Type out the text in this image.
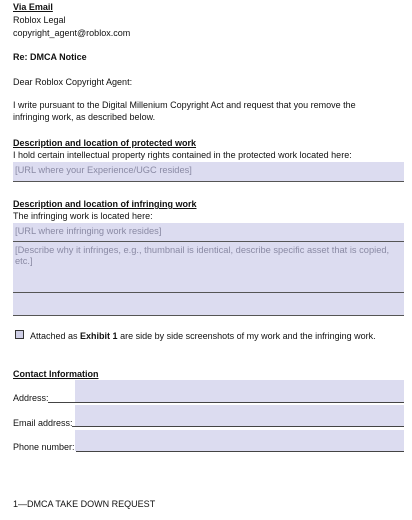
Via Email
Roblox Legal
copyright_agent@roblox.com
Re: DMCA Notice
Dear Roblox Copyright Agent:
I write pursuant to the Digital Millenium Copyright Act and request that you remove the
infringing work, as described below.
Description and location of protected work
I hold certain intellectual property rights contained in the protected work located here:
[URL where your Experience/UGC resides]
Description and location of infringing work
The infringing work is located here:
[URL where infringing work resides]
[Describe why it infringes, e.g., thumbnail is identical, describe specific asset that is copied, etc.]
Attached as Exhibit 1 are side by side screenshots of my work and the infringing work.
Contact Information
Address:
Email address:
Phone number:
1—DMCA TAKE DOWN REQUEST
